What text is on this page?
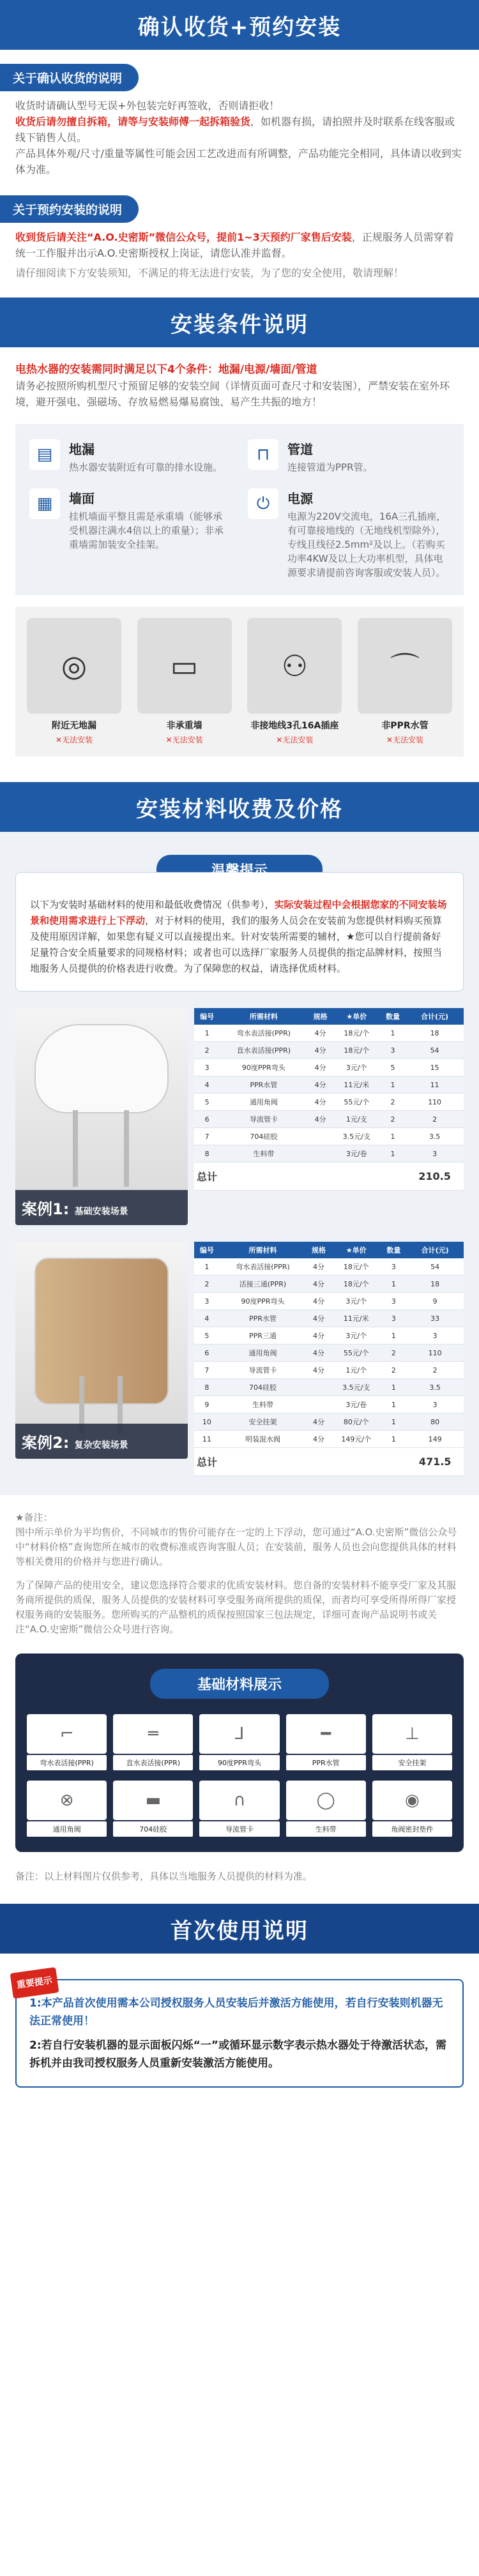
确认收货+预约安装
关于确认收货的说明

收货时请确认型号无误+外包装完好再签收，否则请拒收！

收货后请勿擅自拆箱，请等与安装师傅一起拆箱验货，如机器有损，请拍照并及时联系在线客服或线下销售人员。

产品具体外观/尺寸/重量等属性可能会因工艺改进而有所调整，产品功能完全相同，具体请以收到实体为准。

关于预约安装的说明

收到货后请关注“A.O.史密斯”微信公众号，提前1~3天预约厂家售后安装，正规服务人员需穿着统一工作服并出示A.O.史密斯授权上岗证，请您认准并监督。

请仔细阅读下方安装须知，不满足的将无法进行安装，为了您的安全使用，敬请理解！

安装条件说明

电热水器的安装需同时满足以下4个条件：地漏/电源/墙面/管道

请务必按照所购机型尺寸预留足够的安装空间（详情页面可查尺寸和安装图），严禁安装在室外环境，避开强电、强磁场、存放易燃易爆易腐蚀、易产生共振的地方！

▤	地漏

热水器安装附近有可靠的排水设施。

⊓	管道

连接管道为PPR管。

▦	墙面

挂机墙面平整且需是承重墙（能够承受机器注满水4倍以上的重量）；非承重墙需加装安全挂架。

⏻	电源

电源为220V交流电，16A三孔插座，有可靠接地线的（无地线机型除外），专线且线径2.5mm²及以上。（若购买功率4KW及以上大功率机型，具体电源要求请提前咨询客服或安装人员）。

◎
附近无地漏
✕无法安装
▭
非承重墙
✕无法安装
⚇
非接地线3孔16A插座
✕无法安装
⌒
非PPR水管
✕无法安装
安装材料收费及价格
温馨提示
以下为安装时基础材料的使用和最低收费情况（供参考），实际安装过程中会根据您家的不同安装场景和使用需求进行上下浮动，对于材料的使用，我们的服务人员会在安装前为您提供材料购买预算及使用原因详解，如果您有疑义可以直接提出来。针对安装所需要的辅材，★您可以自行提前备好足量符合安全质量要求的同规格材料；或者也可以选择厂家服务人员提供的指定品牌材料，按照当地服务人员提供的价格表进行收费。为了保障您的权益，请选择优质材料。
案例1: 基础安装场景
编号	所需材料	规格	★单价	数量	合计(元)
1	弯水表活接(PPR)	4分	18元/个	1	18
2	直水表活接(PPR)	4分	18元/个	3	54
3	90度PPR弯头	4分	3元/个	5	15
4	PPR水管	4分	11元/米	1	11
5	通用角阀	4分	55元/个	2	110
6	导流管卡	4分	1元/支	2	2
7	704硅胶		3.5元/支	1	3.5
8	生料带		3元/卷	1	3
总计					210.5
案例2: 复杂安装场景
编号	所需材料	规格	★单价	数量	合计(元)
1	弯水表活接(PPR)	4分	18元/个	3	54
2	活接三通(PPR)	4分	18元/个	1	18
3	90度PPR弯头	4分	3元/个	3	9
4	PPR水管	4分	11元/米	3	33
5	PPR三通	4分	3元/个	1	3
6	通用角阀	4分	55元/个	2	110
7	导流管卡	4分	1元/个	2	2
8	704硅胶		3.5元/支	1	3.5
9	生料带		3元/卷	1	3
10	安全挂架	4分	80元/个	1	80
11	明装混水阀	4分	149元/个	1	149
总计					471.5

★备注：

图中所示单价为平均售价，不同城市的售价可能存在一定的上下浮动，您可通过“A.O.史密斯”微信公众号中“材料价格”查询您所在城市的收费标准或咨询客服人员；在安装前，服务人员也会向您提供具体的材料等相关费用的价格并与您进行确认。

为了保障产品的使用安全，建议您选择符合要求的优质安装材料。您自备的安装材料不能享受厂家及其服务商所提供的质保，服务人员提供的安装材料可享受服务商所提供的质保，而者均可享受所得所得厂家授权服务商的安装服务。您所购买的产品整机的质保按照国家三包法规定，详细可查询产品说明书或关注“A.O.史密斯”微信公众号进行咨询。

基础材料展示
⌐
弯水表活接(PPR)
═
直水表活接(PPR)
⅃
90度PPR弯头
━
PPR水管
⊥
安全挂架
⊗
通用角阀
▬
704硅胶
∩
导流管卡
◯
生料带
◉
角阀密封垫件

备注：以上材料图片仅供参考，具体以当地服务人员提供的材料为准。

首次使用说明
重要提示

1:本产品首次使用需本公司授权服务人员安装后并激活方能使用，若自行安装则机器无法正常使用！

2:若自行安装机器的显示面板闪烁“一”或循环显示数字表示热水器处于待激活状态，需拆机并由我司授权服务人员重新安装激活方能使用。
